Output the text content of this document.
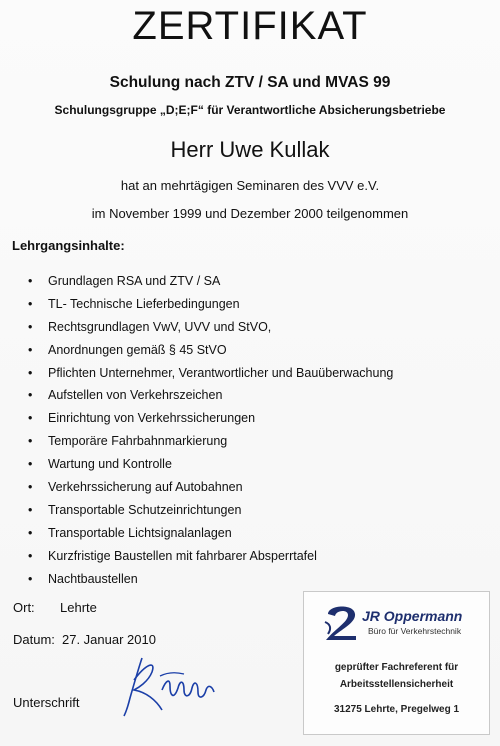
ZERTIFIKAT
Schulung nach ZTV / SA und MVAS 99
Schulungsgruppe „D;E;F“ für Verantwortliche Absicherungsbetriebe
Herr Uwe Kullak
hat an mehrtägigen Seminaren des VVV e.V.
im November 1999 und Dezember 2000 teilgenommen
Lehrgangsinhalte:
• Grundlagen RSA und ZTV / SA
• TL- Technische Lieferbedingungen
• Rechtsgrundlagen VwV, UVV und StVO,
• Anordnungen gemäß § 45 StVO
• Pflichten Unternehmer, Verantwortlicher und Bauüberwachung
• Aufstellen von Verkehrszeichen
• Einrichtung von Verkehrssicherungen
• Temporäre Fahrbahnmarkierung
• Wartung und Kontrolle
• Verkehrssicherung auf Autobahnen
• Transportable Schutzeinrichtungen
• Transportable Lichtsignalanlagen
• Kurzfristige Baustellen mit fahrbarer Absperrtafel
• Nachtbaustellen
Ort: Lehrte
Datum: 27. Januar 2010
Unterschrift
JR Oppermann
Büro für Verkehrstechnik
geprüfter Fachreferent für
Arbeitsstellensicherheit
31275 Lehrte, Pregelweg 1
